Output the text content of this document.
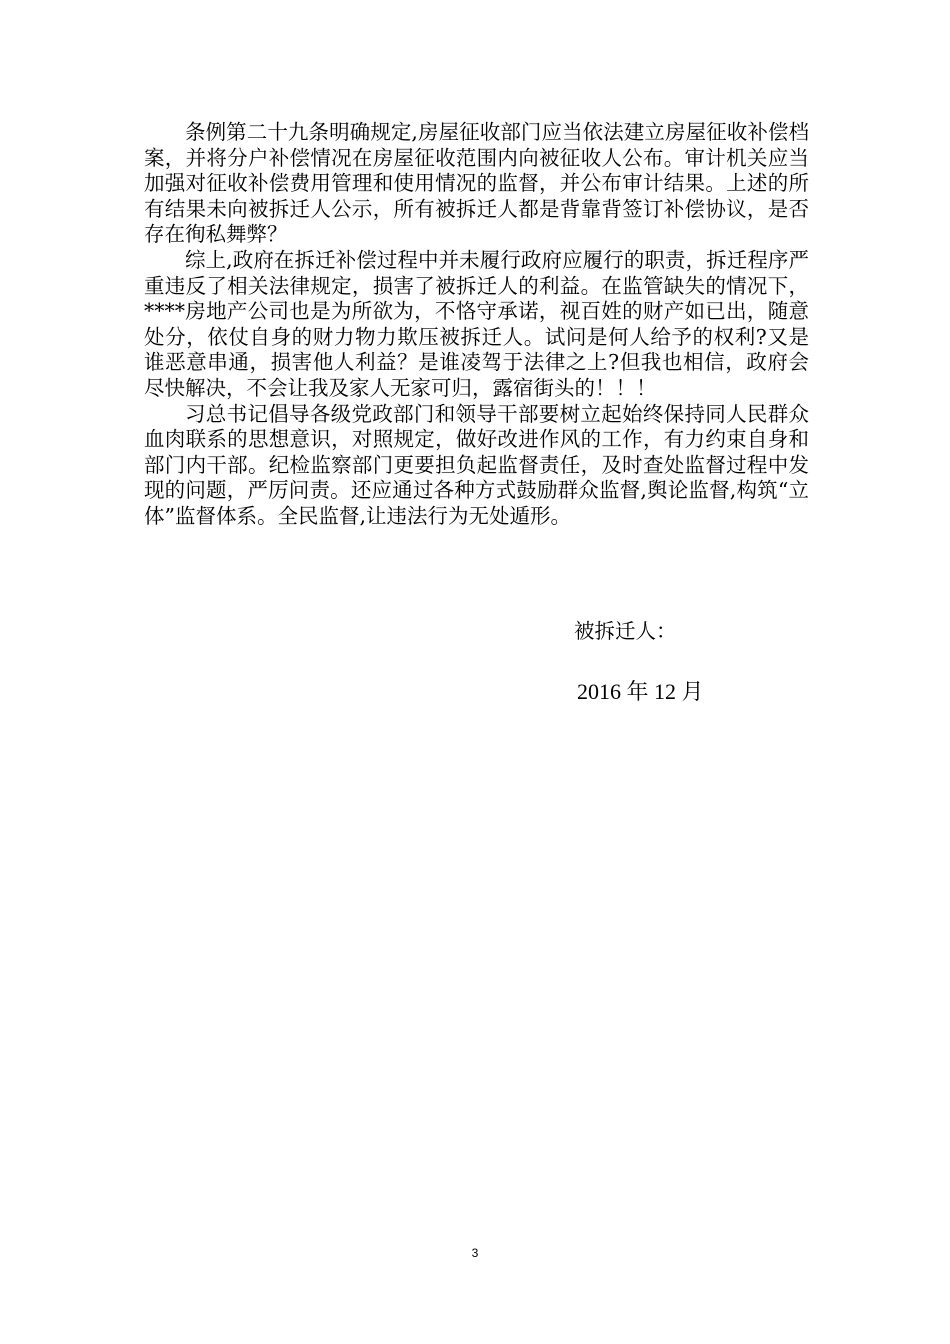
条例第二十九条明确规定,房屋征收部门应当依法建立房屋征收补偿档案，并将分户补偿情况在房屋征收范围内向被征收人公布。审计机关应当加强对征收补偿费用管理和使用情况的监督，并公布审计结果。上述的所有结果未向被拆迁人公示，所有被拆迁人都是背靠背签订补偿协议，是否存在徇私舞弊？

综上,政府在拆迁补偿过程中并未履行政府应履行的职责，拆迁程序严重违反了相关法律规定，损害了被拆迁人的利益。在监管缺失的情况下，****房地产公司也是为所欲为，不恪守承诺，视百姓的财产如已出，随意处分，依仗自身的财力物力欺压被拆迁人。试问是何人给予的权利?又是谁恶意串通，损害他人利益？是谁凌驾于法律之上?但我也相信，政府会尽快解决，不会让我及家人无家可归，露宿街头的！！！

习总书记倡导各级党政部门和领导干部要树立起始终保持同人民群众血肉联系的思想意识，对照规定，做好改进作风的工作，有力约束自身和部门内干部。纪检监察部门更要担负起监督责任，及时查处监督过程中发现的问题，严厉问责。还应通过各种方式鼓励群众监督,舆论监督,构筑“立体”监督体系。全民监督,让违法行为无处遁形。

被拆迁人：
2016 年 12 月
3
